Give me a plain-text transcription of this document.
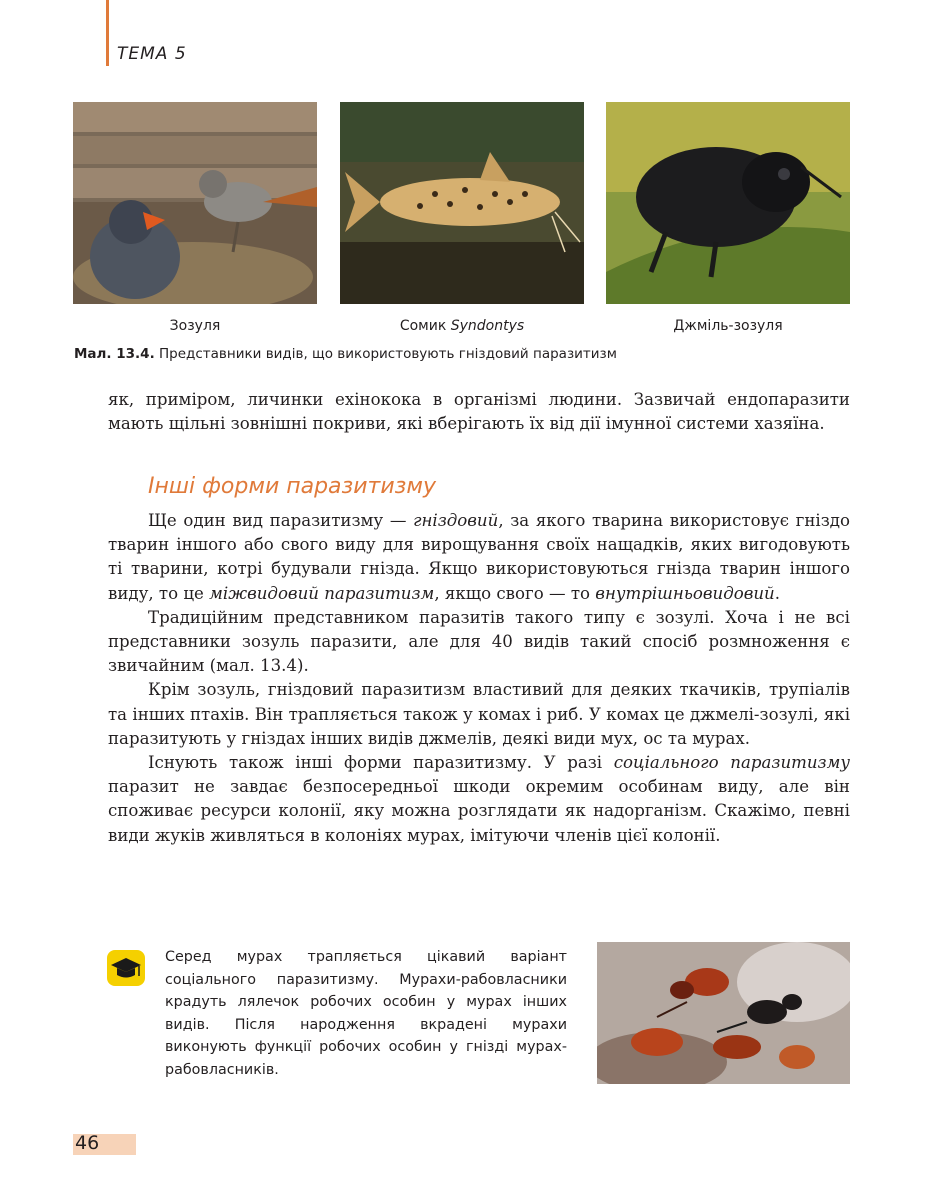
ТЕМА 5
Зозуля	Сомик Syndontys	Джміль-зозуля
Мал. 13.4. Представники видів, що використовують гніздовий паразитизм

як, приміром, личинки ехінокока в організмі людини. Зазвичай ендопаразити мають щільні зовнішні покриви, які вберігають їх від дії імунної системи хазяїна.

Інші форми паразитизму

Ще один вид паразитизму — гніздовий, за якого тварина використовує гніздо тварин іншого або свого виду для вирощування своїх нащадків, яких вигодовують ті тварини, котрі будували гнізда. Якщо використовуються гнізда тварин іншого виду, то це міжвидовий паразитизм, якщо свого — то внутрішньовидовий.

Традиційним представником паразитів такого типу є зозулі. Хоча і не всі представники зозуль паразити, але для 40 видів такий спосіб розмноження є звичайним (мал. 13.4).

Крім зозуль, гніздовий паразитизм властивий для деяких ткачиків, трупіалів та інших птахів. Він трапляється також у комах і риб. У комах це джмелі-зозулі, які паразитують у гніздах інших видів джмелів, деякі види мух, ос та мурах.

Існують також інші форми паразитизму. У разі соціального паразитизму паразит не завдає безпосередньої шкоди окремим особинам виду, але він споживає ресурси колонії, яку можна розглядати як надорганізм. Скажімо, певні види жуків живляться в колоніях мурах, імітуючи членів цієї колонії.

Серед мурах трапляється цікавий варіант соціального паразитизму. Мурахи-рабовласники крадуть лялечок робочих особин у мурах інших видів. Після народження вкрадені мурахи виконують функції робочих особин у гнізді мурах-рабовласників.
46
